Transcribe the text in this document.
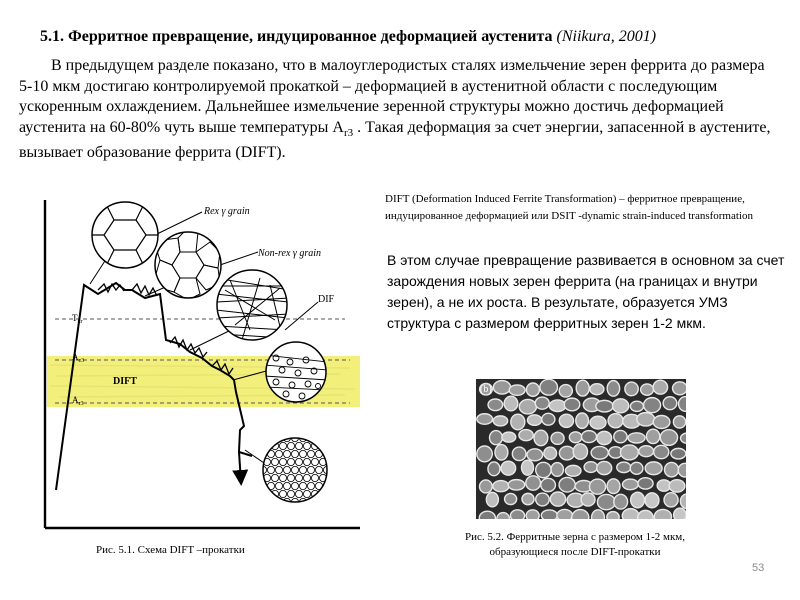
5.1. Ферритное превращение, индуцированное деформацией аустенита (Niikura, 2001)

  В предыдущем разделе показано, что в малоуглеродистых сталях измельчение зерен феррита до размера 5-10 мкм достигаю контролируемой прокаткой – деформацией в аустенитной области с последующим ускоренным охлаждением. Дальнейшее измельчение зеренной структуры можно достичь деформацией аустенита на 60-80% чуть выше температуры $А_{r3}$ . Такая деформация за счет энергии, запасенной в аустените, вызывает образование феррита (DIFT).

$T_{nr}$
$A_{e3}$
$A_{r3}$
DIFT
Rex γ grain
Non-rex γ grain
DIF
Рис. 5.1. Схема DIFT –прокатки

DIFT (Deformation Induced Ferrite Transformation) – ферритное превращение, индуцированное деформацией или DSIT -dynamic strain-induced transformation

В этом случае превращение развивается в основном за счет зарождения новых зерен феррита (на границах и внутри зерен), а не их роста. В результате, образуется УМЗ структура с размером ферритных зерен 1-2 мкм.

(b)
Рис. 5.2. Ферритные зерна с размером 1-2 мкм, образующиеся после DIFT-прокатки
53
